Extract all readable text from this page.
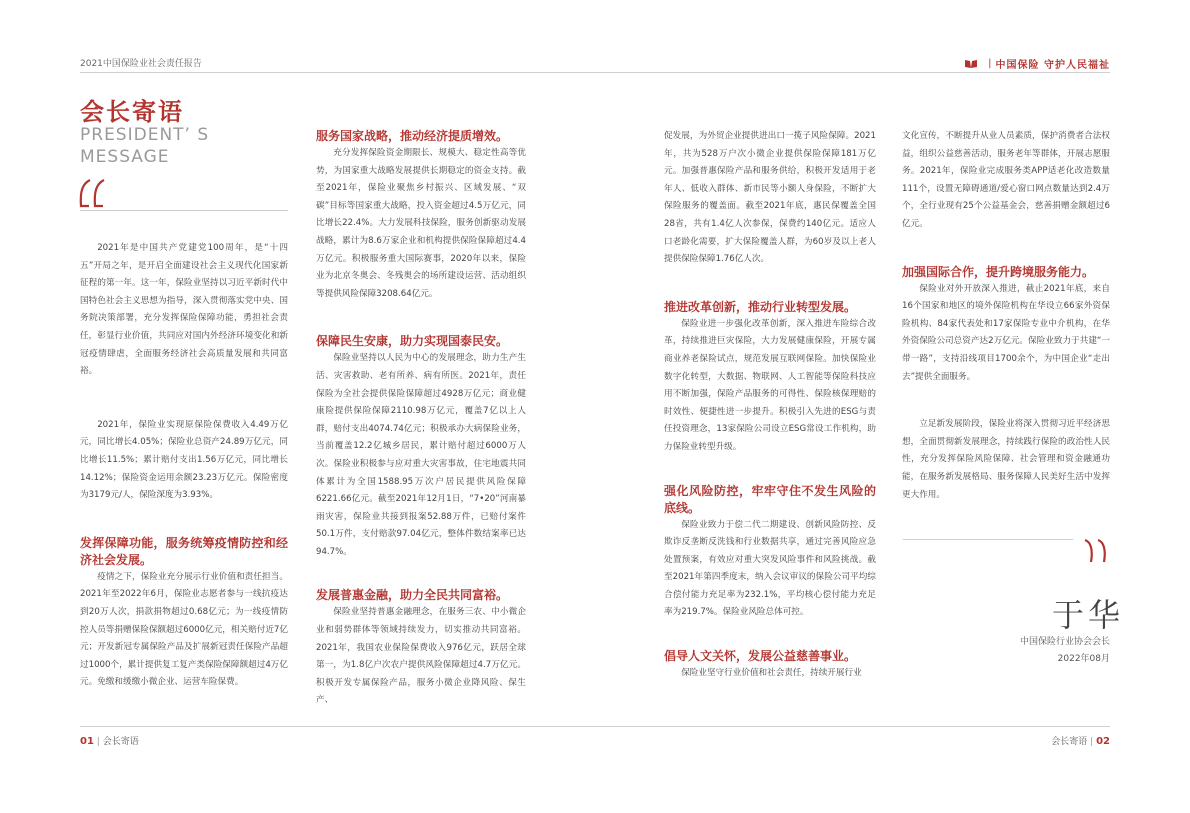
2021中国保险业社会责任报告	| 中国保险 守护人民福祉
会长寄语
PRESIDENT’ S MESSAGE

2021年是中国共产党建党100周年，是“十四五”开局之年，是开启全面建设社会主义现代化国家新征程的第一年。这一年，保险业坚持以习近平新时代中国特色社会主义思想为指导，深入贯彻落实党中央、国务院决策部署，充分发挥保险保障功能，勇担社会责任，彰显行业价值，共同应对国内外经济环境变化和新冠疫情肆虐，全面服务经济社会高质量发展和共同富裕。

2021年，保险业实现原保险保费收入4.49万亿元，同比增长4.05%；保险业总资产24.89万亿元，同比增长11.5%；累计赔付支出1.56万亿元，同比增长14.12%；保险资金运用余额23.23万亿元。保险密度为3179元/人，保险深度为3.93%。

发挥保障功能，服务统筹疫情防控和经济社会发展。

疫情之下，保险业充分展示行业价值和责任担当。2021年至2022年6月，保险业志愿者参与一线抗疫达到20万人次，捐款捐物超过0.68亿元；为一线疫情防控人员等捐赠保险保额超过6000亿元，相关赔付近7亿元；开发新冠专属保险产品及扩展新冠责任保险产品超过1000个，累计提供复工复产类保险保障额超过4万亿元。免缴和缓缴小微企业、运营车险保费。

服务国家战略，推动经济提质增效。

充分发挥保险资金期限长、规模大、稳定性高等优势，为国家重大战略发展提供长期稳定的资金支持。截至2021年，保险业聚焦乡村振兴、区域发展、“双碳”目标等国家重大战略，投入资金超过4.5万亿元，同比增长22.4%。大力发展科技保险，服务创新驱动发展战略，累计为8.6万家企业和机构提供保险保障超过4.4万亿元。积极服务重大国际赛事，2020年以来，保险业为北京冬奥会、冬残奥会的场所建设运营、活动组织等提供风险保障3208.64亿元。

保障民生安康，助力实现国泰民安。

保险业坚持以人民为中心的发展理念，助力生产生活、灾害救助、老有所养、病有所医。2021年，责任保险为全社会提供保险保障超过4928万亿元；商业健康险提供保险保障2110.98万亿元，覆盖7亿以上人群，赔付支出4074.74亿元；积极承办大病保险业务，当前覆盖12.2亿城乡居民，累计赔付超过6000万人次。保险业积极参与应对重大灾害事故，住宅地震共同体累计为全国1588.95万次户居民提供风险保障6221.66亿元。截至2021年12月1日，“7•20”河南暴雨灾害，保险业共接到报案52.88万件，已赔付案件50.1万件，支付赔款97.04亿元，整体件数结案率已达94.7%。

发展普惠金融，助力全民共同富裕。

保险业坚持普惠金融理念，在服务三农、中小微企业和弱势群体等领域持续发力，切实推动共同富裕。2021年，我国农业保险保费收入976亿元，跃居全球第一，为1.8亿户次农户提供风险保障超过4.7万亿元。积极开发专属保险产品，服务小微企业降风险、保生产、

促发展，为外贸企业提供进出口一揽子风险保障。2021年，共为528万户次小微企业提供保险保障181万亿元。加强普惠保险产品和服务供给，积极开发适用于老年人、低收入群体、新市民等小额人身保险，不断扩大保险服务的覆盖面。截至2021年底，惠民保覆盖全国28省，共有1.4亿人次参保，保费约140亿元。适应人口老龄化需要，扩大保险覆盖人群，为60岁及以上老人提供保险保障1.76亿人次。

推进改革创新，推动行业转型发展。

保险业进一步强化改革创新，深入推进车险综合改革，持续推进巨灾保险，大力发展健康保险，开展专属商业养老保险试点，规范发展互联网保险。加快保险业数字化转型，大数据、物联网、人工智能等保险科技应用不断加强，保险产品服务的可得性、保险核保理赔的时效性、便捷性进一步提升。积极引入先进的ESG与责任投资理念，13家保险公司设立ESG常设工作机构，助力保险业转型升级。

强化风险防控，牢牢守住不发生风险的底线。

保险业致力于偿二代二期建设、创新风险防控、反欺诈反垄断反洗钱和行业数据共享，通过完善风险应急处置预案，有效应对重大突发风险事件和风险挑战。截至2021年第四季度末，纳入会议审议的保险公司平均综合偿付能力充足率为232.1%，平均核心偿付能力充足率为219.7%。保险业风险总体可控。

倡导人文关怀，发展公益慈善事业。

保险业坚守行业价值和社会责任，持续开展行业

文化宣传，不断提升从业人员素质，保护消费者合法权益，组织公益慈善活动，服务老年等群体，开展志愿服务。2021年，保险业完成服务类APP适老化改造数量111个，设置无障碍通道/爱心窗口网点数量达到2.4万个，全行业现有25个公益基金会，慈善捐赠金额超过6亿元。

加强国际合作，提升跨境服务能力。

保险业对外开放深入推进，截止2021年底，来自16个国家和地区的境外保险机构在华设立66家外资保险机构、84家代表处和17家保险专业中介机构，在华外资保险公司总资产达2万亿元。保险业致力于共建“一带一路”，支持沿线项目1700余个，为中国企业“走出去”提供全面服务。

立足新发展阶段，保险业将深入贯彻习近平经济思想，全面贯彻新发展理念，持续践行保险的政治性人民性，充分发挥保险风险保障、社会管理和资金融通功能，在服务新发展格局、服务保障人民美好生活中发挥更大作用。

于华
中国保险行业协会会长
2022年08月
01 | 会长寄语	会长寄语 | 02
